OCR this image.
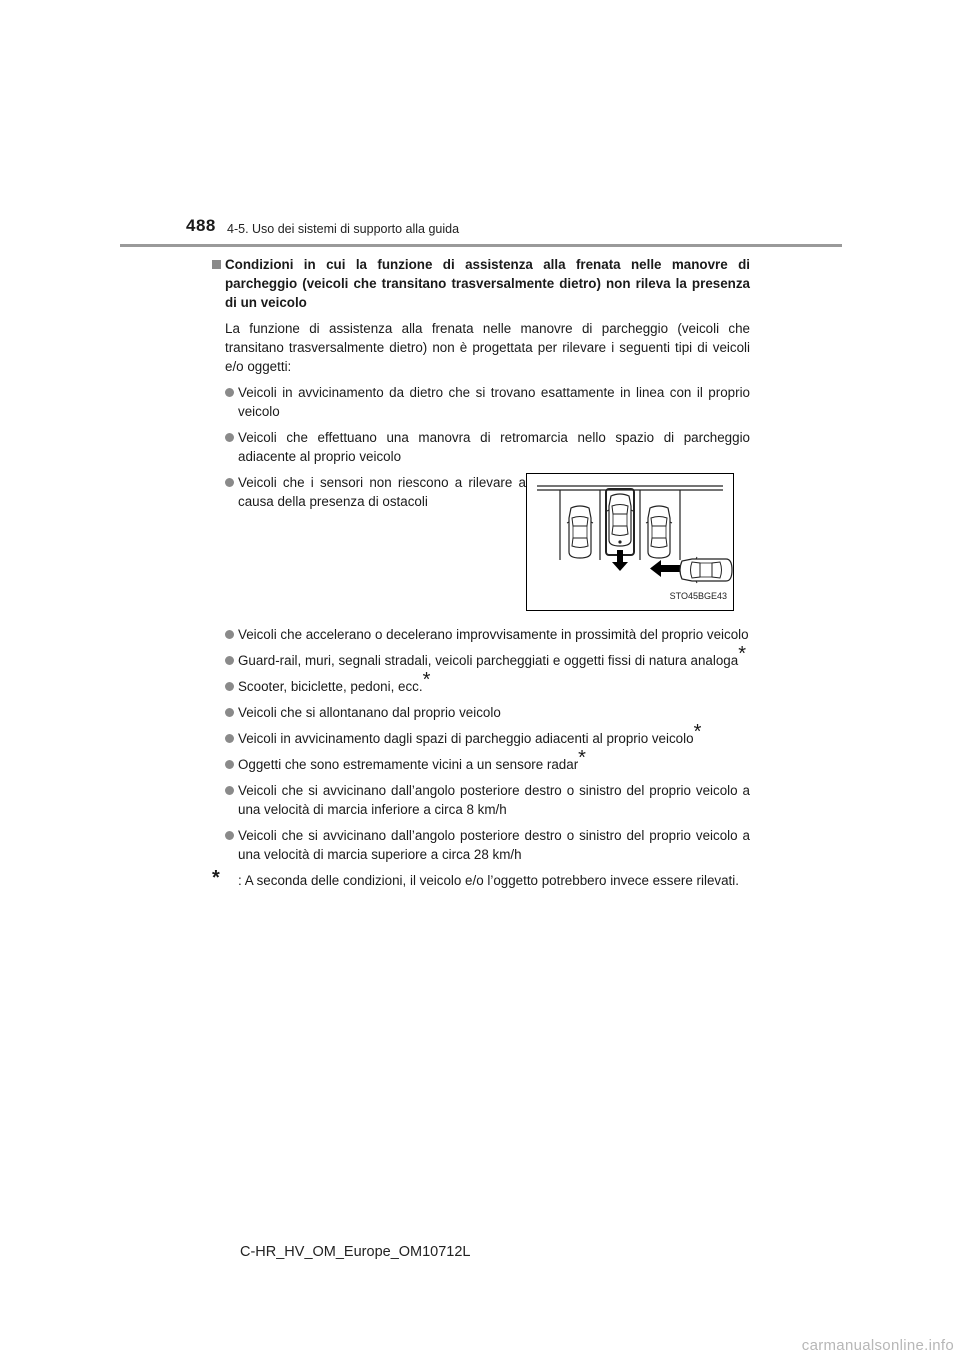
488 4-5. Uso dei sistemi di supporto alla guida
Condizioni in cui la funzione di assistenza alla frenata nelle manovre di parcheggio (veicoli che transitano trasversalmente dietro) non rileva la presenza di un veicolo
La funzione di assistenza alla frenata nelle manovre di parcheggio (veicoli che transitano trasversalmente dietro) non è progettata per rilevare i seguenti tipi di veicoli e/o oggetti:
Veicoli in avvicinamento da dietro che si trovano esattamente in linea con il proprio veicolo
Veicoli che effettuano una manovra di retromarcia nello spazio di parcheggio adiacente al proprio veicolo
Veicoli che i sensori non riescono a rilevare a causa della presenza di ostacoli
STO45BGE43
Veicoli che accelerano o decelerano improvvisamente in prossimità del proprio veicolo
Guard-rail, muri, segnali stradali, veicoli parcheggiati e oggetti fissi di natura analoga*
Scooter, biciclette, pedoni, ecc.*
Veicoli che si allontanano dal proprio veicolo
Veicoli in avvicinamento dagli spazi di parcheggio adiacenti al proprio veicolo*
Oggetti che sono estremamente vicini a un sensore radar*
Veicoli che si avvicinano dall’angolo posteriore destro o sinistro del proprio veicolo a una velocità di marcia inferiore a circa 8 km/h
Veicoli che si avvicinano dall’angolo posteriore destro o sinistro del proprio veicolo a una velocità di marcia superiore a circa 28 km/h
* : A seconda delle condizioni, il veicolo e/o l’oggetto potrebbero invece essere rilevati.
C-HR_HV_OM_Europe_OM10712L
carmanualsonline.info
